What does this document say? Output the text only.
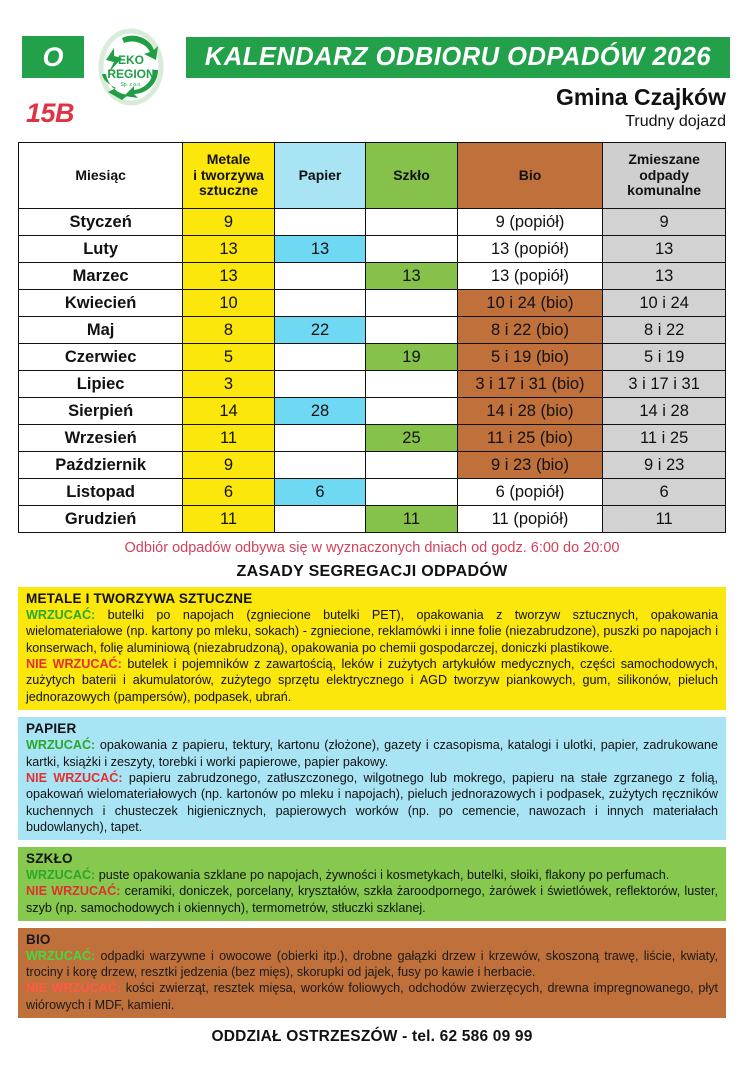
O
15B
EKO
REGION
Sp. z o.o.
KALENDARZ ODBIORU ODPADÓW 2026
Gmina Czajków
Trudny dojazd
Miesiąc	Metale
i tworzywa
sztuczne	Papier	Szkło	Bio	Zmieszane
odpady
komunalne
Styczeń	9			9 (popiół)	9
Luty	13	13		13 (popiół)	13
Marzec	13		13	13 (popiół)	13
Kwiecień	10			10 i 24 (bio)	10 i 24
Maj	8	22		8 i 22 (bio)	8 i 22
Czerwiec	5		19	5 i 19 (bio)	5 i 19
Lipiec	3			3 i 17 i 31 (bio)	3 i 17 i 31
Sierpień	14	28		14 i 28 (bio)	14 i 28
Wrzesień	11		25	11 i 25 (bio)	11 i 25
Październik	9			9 i 23 (bio)	9 i 23
Listopad	6	6		6 (popiół)	6
Grudzień	11		11	11 (popiół)	11
Odbiór odpadów odbywa się w wyznaczonych dniach od godz. 6:00 do 20:00
ZASADY SEGREGACJI ODPADÓW
METALE I TWORZYWA SZTUCZNE

WRZUCAĆ: butelki po napojach (zgniecione butelki PET), opakowania z tworzyw sztucznych, opakowania wielomateriałowe (np. kartony po mleku, sokach) - zgniecione, reklamówki i inne folie (niezabrudzone), puszki po napojach i konserwach, folię aluminiową (niezabrudzoną), opakowania po chemii gospodarczej, doniczki plastikowe.

NIE WRZUCAĆ: butelek i pojemników z zawartością, leków i zużytych artykułów medycznych, części samochodowych, zużytych baterii i akumulatorów, zużytego sprzętu elektrycznego i AGD tworzyw piankowych, gum, silikonów, pieluch jednorazowych (pampersów), podpasek, ubrań.

PAPIER

WRZUCAĆ: opakowania z papieru, tektury, kartonu (złożone), gazety i czasopisma, katalogi i ulotki, papier, zadrukowane kartki, książki i zeszyty, torebki i worki papierowe, papier pakowy.

NIE WRZUCAĆ: papieru zabrudzonego, zatłuszczonego, wilgotnego lub mokrego, papieru na stałe zgrzanego z folią, opakowań wielomateriałowych (np. kartonów po mleku i napojach), pieluch jednorazowych i podpasek, zużytych ręczników kuchennych i chusteczek higienicznych, papierowych worków (np. po cemencie, nawozach i innych materiałach budowlanych), tapet.

SZKŁO

WRZUCAĆ: puste opakowania szklane po napojach, żywności i kosmetykach, butelki, słoiki, flakony po perfumach.

NIE WRZUCAĆ: ceramiki, doniczek, porcelany, kryształów, szkła żaroodpornego, żarówek i świetlówek, reflektorów, luster, szyb (np. samochodowych i okiennych), termometrów, stłuczki szklanej.

BIO

WRZUCAĆ: odpadki warzywne i owocowe (obierki itp.), drobne gałązki drzew i krzewów, skoszoną trawę, liście, kwiaty, trociny i korę drzew, resztki jedzenia (bez mięs), skorupki od jajek, fusy po kawie i herbacie.

NIE WRZUCAĆ: kości zwierząt, resztek mięsa, worków foliowych, odchodów zwierzęcych, drewna impregnowanego, płyt wiórowych i MDF, kamieni.

ODDZIAŁ OSTRZESZÓW - tel. 62 586 09 99
